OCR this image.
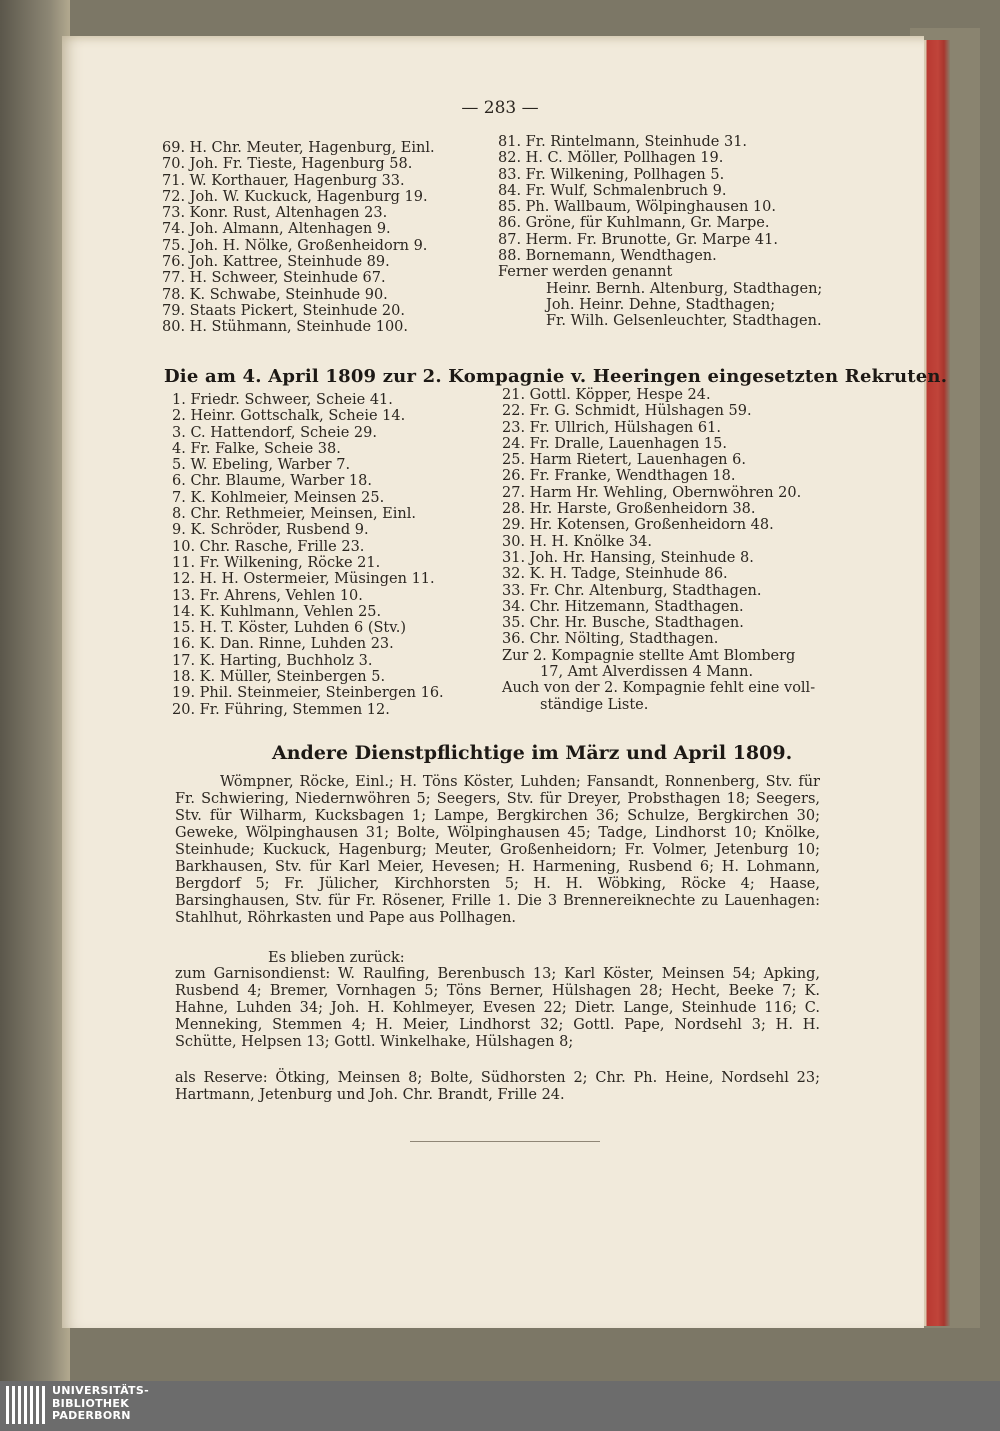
— 283 —
69. H. Chr. Meuter, Hagenburg, Einl.
70. Joh. Fr. Tieste, Hagenburg 58.
71. W. Korthauer, Hagenburg 33.
72. Joh. W. Kuckuck, Hagenburg 19.
73. Konr. Rust, Altenhagen 23.
74. Joh. Almann, Altenhagen 9.
75. Joh. H. Nölke, Großenheidorn 9.
76. Joh. Kattree, Steinhude 89.
77. H. Schweer, Steinhude 67.
78. K. Schwabe, Steinhude 90.
79. Staats Pickert, Steinhude 20.
80. H. Stühmann, Steinhude 100.
81. Fr. Rintelmann, Steinhude 31.
82. H. C. Möller, Pollhagen 19.
83. Fr. Wilkening, Pollhagen 5.
84. Fr. Wulf, Schmalenbruch 9.
85. Ph. Wallbaum, Wölpinghausen 10.
86. Gröne, für Kuhlmann, Gr. Marpe.
87. Herm. Fr. Brunotte, Gr. Marpe 41.
88. Bornemann, Wendthagen.
Ferner werden genannt
Heinr. Bernh. Altenburg, Stadthagen;
Joh. Heinr. Dehne, Stadthagen;
Fr. Wilh. Gelsenleuchter, Stadthagen.
Die am 4. April 1809 zur 2. Kompagnie v. Heeringen eingesetzten Rekruten.
1. Friedr. Schweer, Scheie 41.
2. Heinr. Gottschalk, Scheie 14.
3. C. Hattendorf, Scheie 29.
4. Fr. Falke, Scheie 38.
5. W. Ebeling, Warber 7.
6. Chr. Blaume, Warber 18.
7. K. Kohlmeier, Meinsen 25.
8. Chr. Rethmeier, Meinsen, Einl.
9. K. Schröder, Rusbend 9.
10. Chr. Rasche, Frille 23.
11. Fr. Wilkening, Röcke 21.
12. H. H. Ostermeier, Müsingen 11.
13. Fr. Ahrens, Vehlen 10.
14. K. Kuhlmann, Vehlen 25.
15. H. T. Köster, Luhden 6 (Stv.)
16. K. Dan. Rinne, Luhden 23.
17. K. Harting, Buchholz 3.
18. K. Müller, Steinbergen 5.
19. Phil. Steinmeier, Steinbergen 16.
20. Fr. Führing, Stemmen 12.
21. Gottl. Köpper, Hespe 24.
22. Fr. G. Schmidt, Hülshagen 59.
23. Fr. Ullrich, Hülshagen 61.
24. Fr. Dralle, Lauenhagen 15.
25. Harm Rietert, Lauenhagen 6.
26. Fr. Franke, Wendthagen 18.
27. Harm Hr. Wehling, Obernwöhren 20.
28. Hr. Harste, Großenheidorn 38.
29. Hr. Kotensen, Großenheidorn 48.
30. H. H. Knölke 34.
31. Joh. Hr. Hansing, Steinhude 8.
32. K. H. Tadge, Steinhude 86.
33. Fr. Chr. Altenburg, Stadthagen.
34. Chr. Hitzemann, Stadthagen.
35. Chr. Hr. Busche, Stadthagen.
36. Chr. Nölting, Stadthagen.
Zur 2. Kompagnie stellte Amt Blomberg
17, Amt Alverdissen 4 Mann.
Auch von der 2. Kompagnie fehlt eine voll-
ständige Liste.
Andere Dienstpflichtige im März und April 1809.
Wömpner, Röcke, Einl.; H. Töns Köster, Luhden; Fansandt, Ronnenberg, Stv. für Fr. Schwiering, Niedernwöhren 5; Seegers, Stv. für Dreyer, Probsthagen 18; Seegers, Stv. für Wilharm, Kucksbagen 1; Lampe, Bergkirchen 36; Schulze, Bergkirchen 30; Geweke, Wölpinghausen 31; Bolte, Wölpinghausen 45; Tadge, Lindhorst 10; Knölke, Steinhude; Kuckuck, Hagenburg; Meuter, Großenheidorn; Fr. Volmer, Jetenburg 10; Barkhausen, Stv. für Karl Meier, Hevesen; H. Harmening, Rusbend 6; H. Lohmann, Bergdorf 5; Fr. Jülicher, Kirchhorsten 5; H. H. Wöbking, Röcke 4; Haase, Barsinghausen, Stv. für Fr. Rösener, Frille 1. Die 3 Brennereiknechte zu Lauenhagen: Stahlhut, Röhrkasten und Pape aus Pollhagen.
Es blieben zurück:
zum Garnisondienst: W. Raulfing, Berenbusch 13; Karl Köster, Meinsen 54; Apking, Rusbend 4; Bremer, Vornhagen 5; Töns Berner, Hülshagen 28; Hecht, Beeke 7; K. Hahne, Luhden 34; Joh. H. Kohlmeyer, Evesen 22; Dietr. Lange, Steinhude 116; C. Menneking, Stemmen 4; H. Meier, Lindhorst 32; Gottl. Pape, Nordsehl 3; H. H. Schütte, Helpsen 13; Gottl. Winkelhake, Hülshagen 8;
als Reserve: Ötking, Meinsen 8; Bolte, Südhorsten 2; Chr. Ph. Heine, Nordsehl 23; Hartmann, Jetenburg und Joh. Chr. Brandt, Frille 24.
UNIVERSITÄTS-
BIBLIOTHEK
PADERBORN
